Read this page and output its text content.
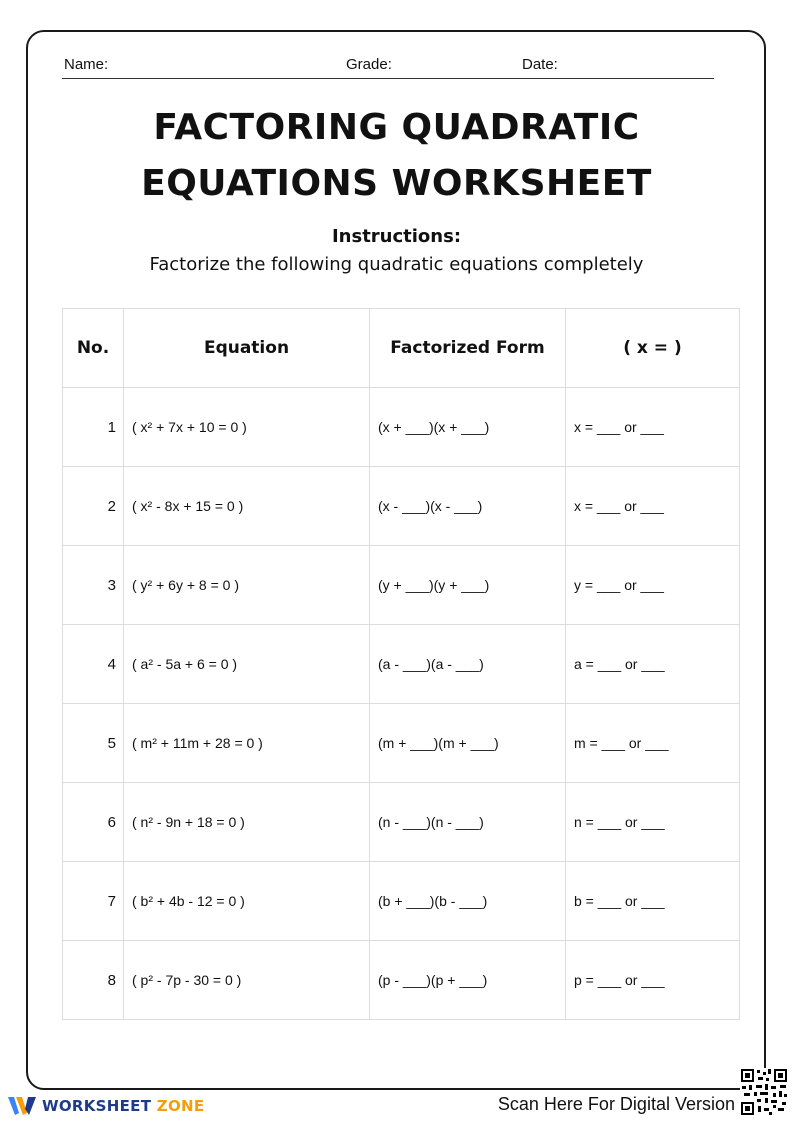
Name:	Grade:	Date:
FACTORING QUADRATIC
EQUATIONS WORKSHEET
Instructions:
Factorize the following quadratic equations completely
No.	Equation	Factorized Form	( x = )
1	( x² + 7x + 10 = 0 )	(x + ___)(x + ___)	x = ___ or ___
2	( x² - 8x + 15 = 0 )	(x - ___)(x - ___)	x = ___ or ___
3	( y² + 6y + 8 = 0 )	(y + ___)(y + ___)	y = ___ or ___
4	( a² - 5a + 6 = 0 )	(a - ___)(a - ___)	a = ___ or ___
5	( m² + 11m + 28 = 0 )	(m + ___)(m + ___)	m = ___ or ___
6	( n² - 9n + 18 = 0 )	(n - ___)(n - ___)	n = ___ or ___
7	( b² + 4b - 12 = 0 )	(b + ___)(b - ___)	b = ___ or ___
8	( p² - 7p - 30 = 0 )	(p - ___)(p + ___)	p = ___ or ___
WORKSHEET ZONE	Scan Here For Digital Version
